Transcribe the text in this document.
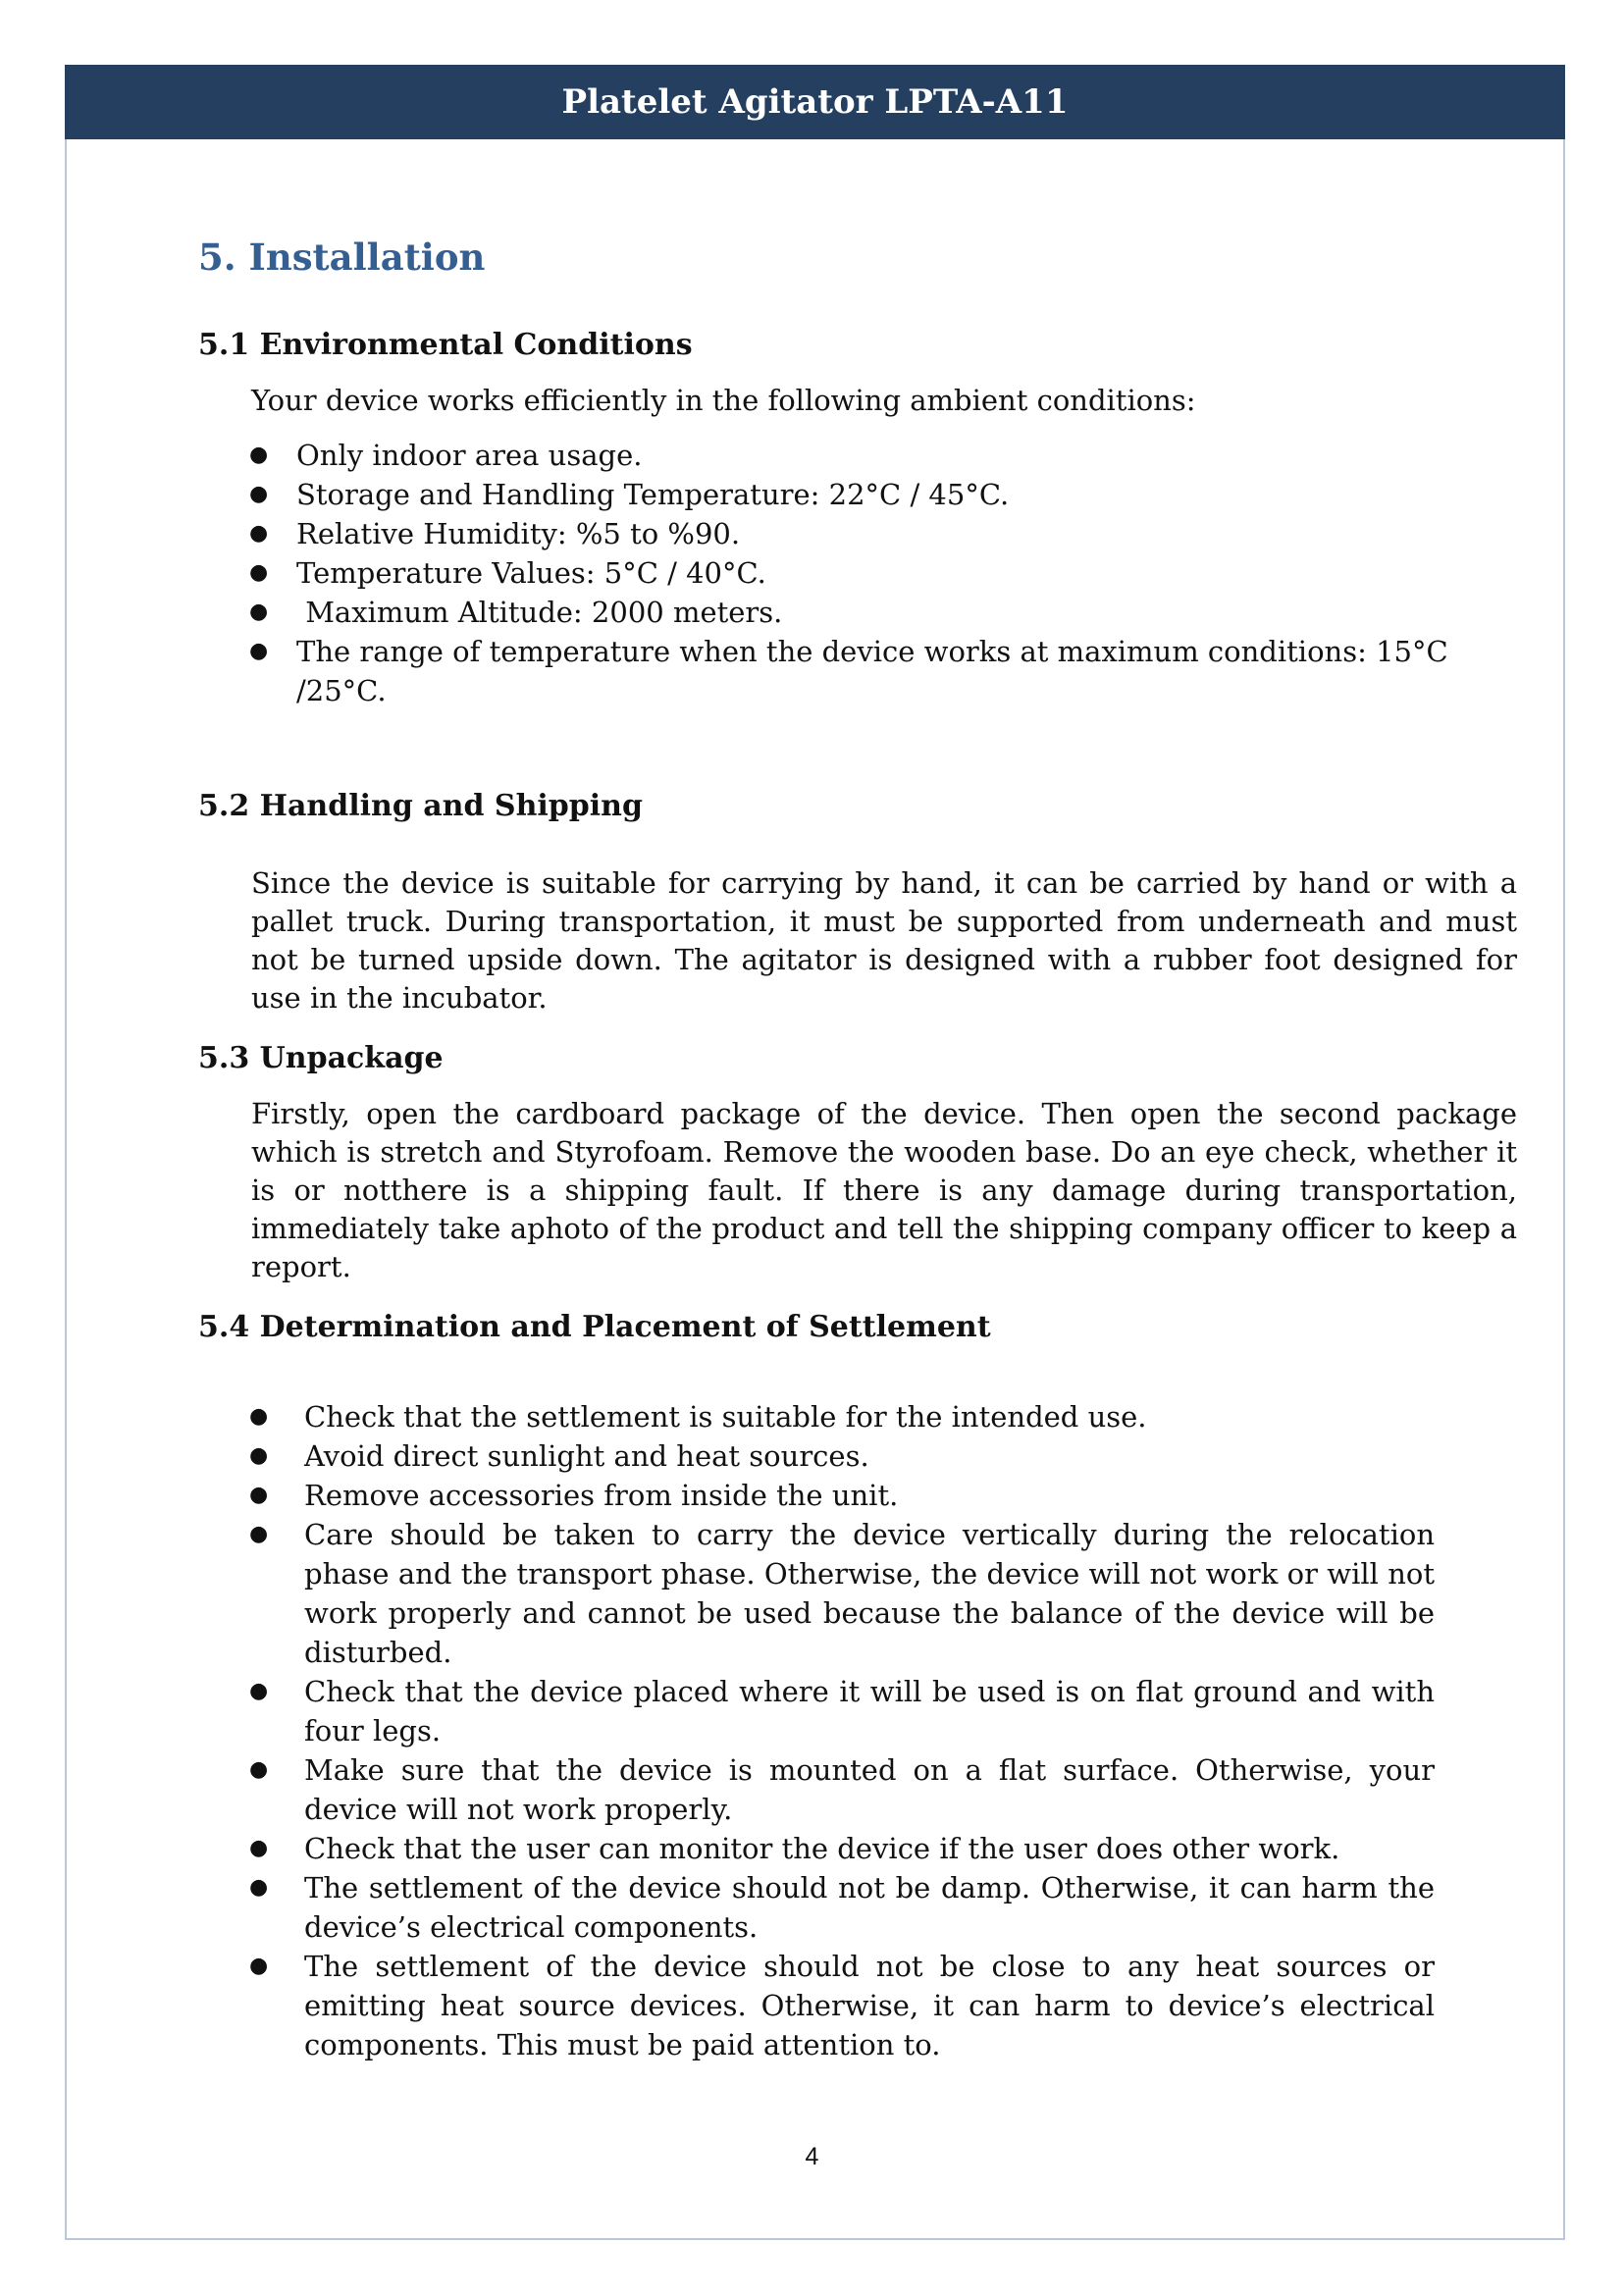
Platelet Agitator LPTA-A11
5. Installation
5.1 Environmental Conditions

Your device works efficiently in the following ambient conditions:

● Only indoor area usage.
● Storage and Handling Temperature: 22°C / 45°C.
● Relative Humidity: %5 to %90.
● Temperature Values: 5°C / 40°C.
● Maximum Altitude: 2000 meters.
● The range of temperature when the device works at maximum conditions: 15°C /25°C.
5.2 Handling and Shipping

Since the device is suitable for carrying by hand, it can be carried by hand or with a pallet truck. During transportation, it must be supported from underneath and must not be turned upside down. The agitator is designed with a rubber foot designed for use in the incubator.

5.3 Unpackage

Firstly, open the cardboard package of the device. Then open the second package which is stretch and Styrofoam. Remove the wooden base. Do an eye check, whether it is or notthere is a shipping fault. If there is any damage during transportation, immediately take aphoto of the product and tell the shipping company officer to keep a report.

5.4 Determination and Placement of Settlement
● Check that the settlement is suitable for the intended use.
● Avoid direct sunlight and heat sources.
● Remove accessories from inside the unit.
● Care should be taken to carry the device vertically during the relocation phase and the transport phase. Otherwise, the device will not work or will not work properly and cannot be used because the balance of the device will be disturbed.
● Check that the device placed where it will be used is on flat ground and with four legs.
● Make sure that the device is mounted on a flat surface. Otherwise, your device will not work properly.
● Check that the user can monitor the device if the user does other work.
● The settlement of the device should not be damp. Otherwise, it can harm the device’s electrical components.
● The settlement of the device should not be close to any heat sources or emitting heat source devices. Otherwise, it can harm to device’s electrical components. This must be paid attention to.
4
